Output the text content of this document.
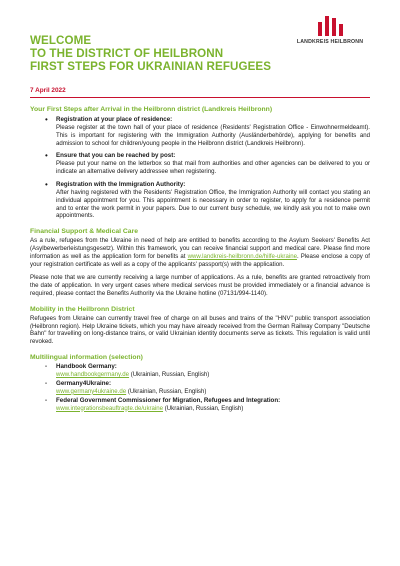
LANDKREIS HEILBRONN
WELCOME
TO THE DISTRICT OF HEILBRONN
FIRST STEPS FOR UKRAINIAN REFUGEES
7 April 2022
Your First Steps after Arrival in the Heilbronn district (Landkreis Heilbronn)
• Registration at your place of residence:
Please register at the town hall of your place of residence (Residents' Registration Office - Einwohnermeldeamt). This is important for registering with the Immigration Authority (Ausländerbehörde), applying for benefits and admission to school for children/young people in the Heilbronn district (Landkreis Heilbronn).
• Ensure that you can be reached by post:
Please put your name on the letterbox so that mail from authorities and other agencies can be delivered to you or indicate an alternative delivery addressee when registering.
• Registration with the Immigration Authority:
After having registered with the Residents' Registration Office, the Immigration Authority will contact you stating an individual appointment for you. This appointment is necessary in order to register, to apply for a residence permit and to enter the work permit in your papers. Due to our current busy schedule, we kindly ask you not to make own appointments.
Financial Support & Medical Care

As a rule, refugees from the Ukraine in need of help are entitled to benefits according to the Asylum Seekers' Benefits Act (Asylbewerberleistungsgesetz). Within this framework, you can receive financial support and medical care. Please find more information as well as the application form for benefits at www.landkreis-heilbronn.de/hilfe-ukraine. Please enclose a copy of your registration certificate as well as a copy of the applicants' passport(s) with the application.

Please note that we are currently receiving a large number of applications. As a rule, benefits are granted retroactively from the date of application. In very urgent cases where medical services must be provided immediately or a financial advance is required, please contact the Benefits Authority via the Ukraine hotline (07131/994-1140).

Mobility in the Heilbronn District

Refugees from Ukraine can currently travel free of charge on all buses and trains of the "HNV" public transport association (Heilbronn region). Help Ukraine tickets, which you may have already received from the German Railway Company "Deutsche Bahn" for travelling on long-distance trains, or valid Ukrainian identity documents serve as tickets. This regulation is valid until revoked.

Multilingual information (selection)
- Handbook Germany:
www.handbookgermany.de (Ukrainian, Russian, English)
- Germany4Ukraine:
www.germany4ukraine.de (Ukrainian, Russian, English)
- Federal Government Commissioner for Migration, Refugees and Integration:
www.integrationsbeauftragte.de/ukraine (Ukrainian, Russian, English)
